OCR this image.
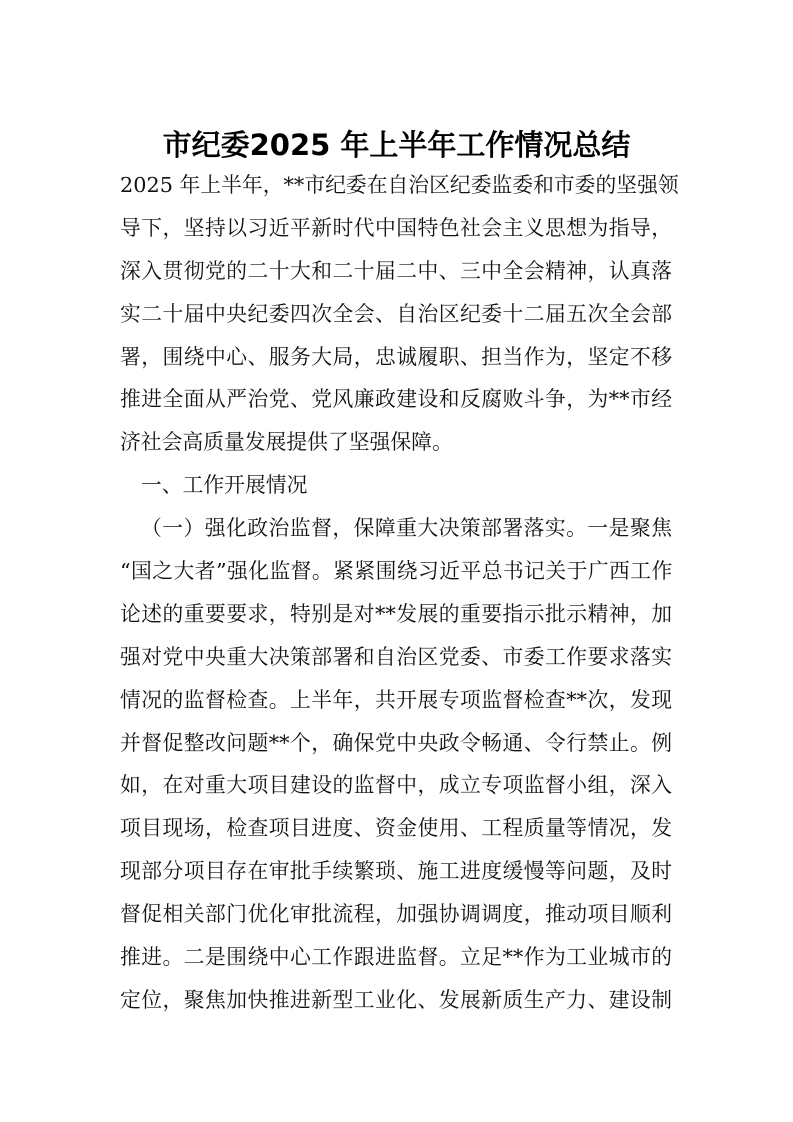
市纪委2025 年上半年工作情况总结
2025 年上半年，**市纪委在自治区纪委监委和市委的坚强领
导下，坚持以习近平新时代中国特色社会主义思想为指导，
深入贯彻党的二十大和二十届二中、三中全会精神，认真落
实二十届中央纪委四次全会、自治区纪委十二届五次全会部
署，围绕中心、服务大局，忠诚履职、担当作为，坚定不移
推进全面从严治党、党风廉政建设和反腐败斗争，为**市经
济社会高质量发展提供了坚强保障。
一、工作开展情况
（一）强化政治监督，保障重大决策部署落实。一是聚焦
“国之大者”强化监督。紧紧围绕习近平总书记关于广西工作
论述的重要要求，特别是对**发展的重要指示批示精神，加
强对党中央重大决策部署和自治区党委、市委工作要求落实
情况的监督检查。上半年，共开展专项监督检查**次，发现
并督促整改问题**个，确保党中央政令畅通、令行禁止。例
如，在对重大项目建设的监督中，成立专项监督小组，深入
项目现场，检查项目进度、资金使用、工程质量等情况，发
现部分项目存在审批手续繁琐、施工进度缓慢等问题，及时
督促相关部门优化审批流程，加强协调调度，推动项目顺利
推进。二是围绕中心工作跟进监督。立足**作为工业城市的
定位，聚焦加快推进新型工业化、发展新质生产力、建设制
